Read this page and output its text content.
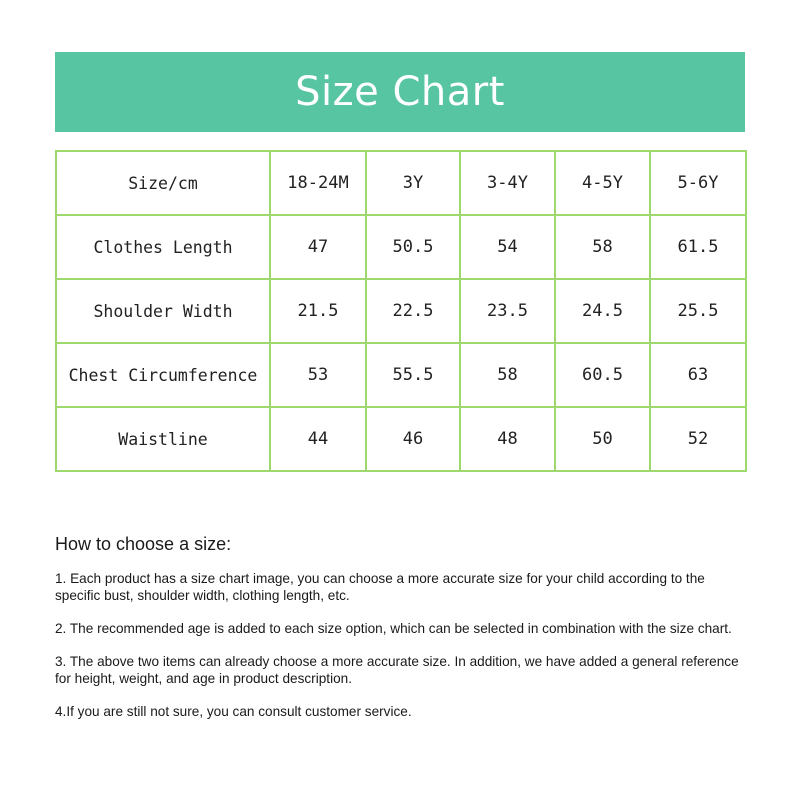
Size Chart
Size/cm	18-24M	3Y	3-4Y	4-5Y	5-6Y
Clothes Length	47	50.5	54	58	61.5
Shoulder Width	21.5	22.5	23.5	24.5	25.5
Chest Circumference	53	55.5	58	60.5	63
Waistline	44	46	48	50	52
How to choose a size:

1. Each product has a size chart image, you can choose a more accurate size for your child according to the specific bust, shoulder width, clothing length, etc.

2. The recommended age is added to each size option, which can be selected in combination with the size chart.

3. The above two items can already choose a more accurate size. In addition, we have added a general reference for height, weight, and age in product description.

4.If you are still not sure, you can consult customer service.
